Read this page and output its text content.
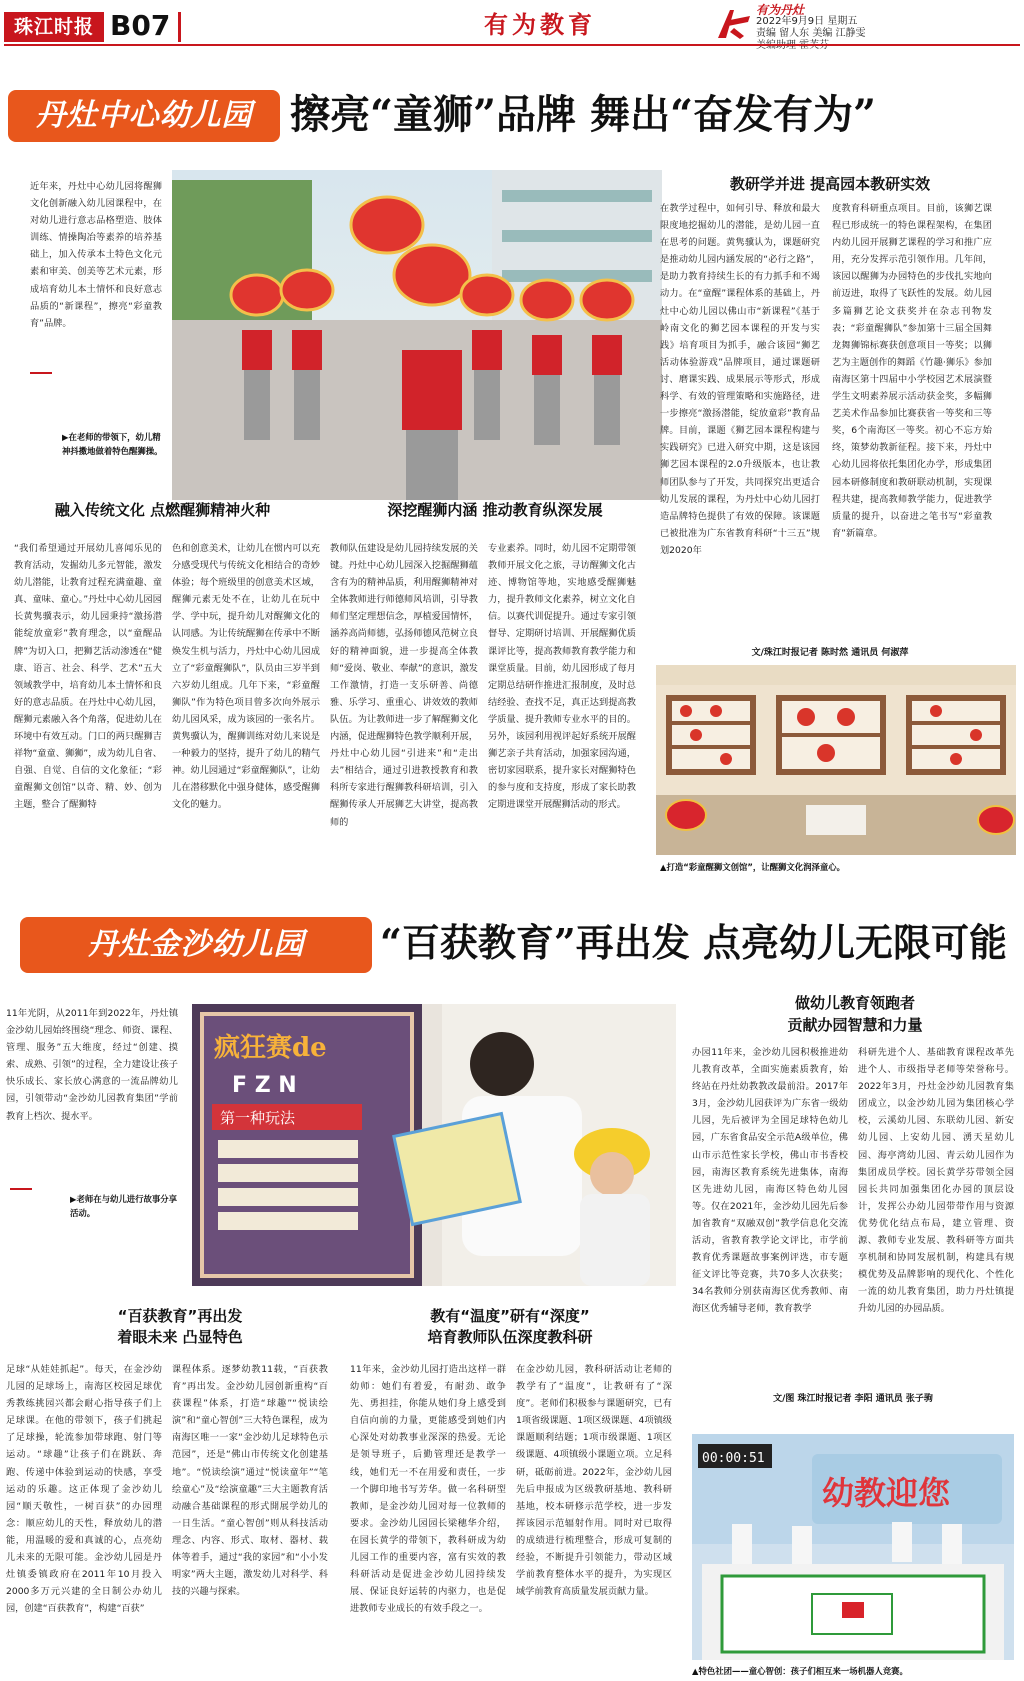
珠江时报 B07	有为教育
有为丹灶
2022年9月9日 星期五
责编 留人东 美编 江静雯
丹灶中心幼儿园 擦亮“童狮”品牌 舞出“奋发有为”
近年来，丹灶中心幼儿园将醒狮文化创新融入幼儿园课程中，在对幼儿进行意志品格塑造、肢体训练、情操陶冶等素养的培养基础上，加入传承本土特色文化元素和审美、创美等艺术元素，形成培育幼儿本土情怀和良好意志品质的“新课程”，擦亮“彩童教育”品牌。
▶在老师的带领下，幼儿精神抖擞地做着特色醒狮操。
融入传统文化 点燃醒狮精神火种
“我们希望通过开展幼儿喜闻乐见的教育活动，发掘幼儿多元智能，激发幼儿潜能，让教育过程充满童趣、童真、童味、童心。”丹灶中心幼儿园园长黄隽骥表示，幼儿园秉持“激扬潜能绽放童彩”教育理念，以“童醒品牌”为切入口，把狮艺活动渗透在“健康、语言、社会、科学、艺术”五大领域教学中，培育幼儿本土情怀和良好的意志品质。在丹灶中心幼儿园，醒狮元素融入各个角落，促进幼儿在环境中有效互动。门口的两只醒狮吉祥物“童童、狮狮”，成为幼儿自省、自强、自觉、自信的文化象征；“彩童醒狮文创馆”以奇、精、妙、创为主题，整合了醒狮特
色和创意美术，让幼儿在惯内可以充分感受现代与传统文化相结合的奇妙体验；每个班级里的创意美术区域，醒狮元素无处不在，让幼儿在玩中学、学中玩，提升幼儿对醒狮文化的认同感。为让传统醒狮在传承中不断焕发生机与活力，丹灶中心幼儿园成立了“彩童醒狮队”，队员由三岁半到六岁幼儿组成。几年下来，“彩童醒狮队”作为特色项目曾多次向外展示幼儿园风采，成为该园的一张名片。黄隽骥认为，醒狮训练对幼儿来说是一种毅力的坚持，提升了幼儿的精气神。幼儿园通过“彩童醒狮队”，让幼儿在潜移默化中强身健体，感受醒狮文化的魅力。
深挖醒狮内涵 推动教育纵深发展
教师队伍建设是幼儿园持续发展的关键。丹灶中心幼儿园深入挖掘醒狮蕴含有为的精神品质，利用醒狮精神对全体教师进行师德师风培训，引导教师们坚定理想信念，厚植爱国情怀，涵养高尚师德，弘扬师德风范树立良好的精神面貌，进一步提高全体教师“爱岗、敬业、奉献”的意识，激发工作激情，打造一支乐研善、尚德雅、乐学习、重重心、讲效效的教师队伍。为让教师进一步了解醒狮文化内涵，促进醒狮特色教学顺利开展，丹灶中心幼儿园“引进来”和“走出去”相结合，通过引进教授教育和教科所专家进行醒狮教科研培训，引入醒狮传承人开展狮艺大讲堂，提高教师的
专业素养。同时，幼儿园不定期带领教师开展文化之旅，寻访醒狮文化古迹、博物馆等地，实地感受醒狮魅力，提升教师文化素养，树立文化自信。以赛代训促提升。通过专家引领督导、定期研讨培训、开展醒狮优质课评比等，提高教师教育教学能力和课堂质量。目前，幼儿园形成了每月定期总结研作推进汇报制度，及时总结经验、查找不足，真正达到提高教学质量、提升教师专业水平的目的。另外，该园利用视评起好系统开展醒狮艺亲子共育活动，加强家园沟通，密切家园联系，提升家长对醒狮特色的参与度和支持度，形成了家长助教定期进课堂开展醒狮活动的形式。
教研学并进 提高园本教研实效
在教学过程中，如何引导、释放和最大限度地挖掘幼儿的潜能，是幼儿园一直在思考的问题。黄隽骥认为，课题研究是推动幼儿园内涵发展的“必行之路”，是助力教育持续生长的有力抓手和不竭动力。在“童醒”课程体系的基础上，丹灶中心幼儿园以佛山市“新课程”《基于岭南文化的狮艺园本课程的开发与实践》培育项目为抓手，融合该园“狮艺活动体验游戏”品牌项目，通过课题研讨、磨课实践、成果展示等形式，形成科学、有效的管理策略和实施路径，进一步擦亮“激扬潜能，绽放童彩”教育品牌。目前，课题《狮艺园本课程构建与实践研究》已进入研究中期，这是该园狮艺园本课程的2.0升级版本，也让教师团队参与了开发，共同探究出更适合幼儿发展的课程，为丹灶中心幼儿园打造品牌特色提供了有效的保障。该课题已被批准为广东省教育科研“十三五”规划2020年
度教育科研重点项目。目前，该狮艺课程已形成统一的特色课程架构，在集团内幼儿园开展狮艺课程的学习和推广应用，充分发挥示范引领作用。几年间，该园以醒狮为办园特色的步伐扎实地向前迈进，取得了飞跃性的发展。幼儿园多篇狮艺论文获奖并在杂志刊物发表；“彩童醒狮队”参加第十三届全国舞龙舞狮锦标赛获创意项目一等奖；以狮艺为主题创作的舞蹈《竹趣·狮乐》参加南海区第十四届中小学校园艺术展演暨学生文明素养展示活动获金奖，多幅狮艺美术作品参加比赛获省一等奖和三等奖，6个南海区一等奖。初心不忘方始终，策梦幼教新征程。接下来，丹灶中心幼儿园将依托集团化办学，形成集团园本研修制度和教研联动机制，实现课程共建，提高教师教学能力，促进教学质量的提升，以奋进之笔书写“彩童教育”新篇章。
文/珠江时报记者 陈时然 通讯员 何淑萍
▲打造“彩童醒狮文创馆”，让醒狮文化润泽童心。
丹灶金沙幼儿园	“百获教育”再出发 点亮幼儿无限可能
11年光阴，从2011年到2022年，丹灶镇金沙幼儿园始终围绕“理念、师资、课程、管理、服务”五大维度，经过“创建、摸索、成熟、引领”的过程，全力建设让孩子快乐成长、家长放心满意的一流品牌幼儿园，引领带动“金沙幼儿园教育集团”学前教育上档次、提水平。
疯狂赛de
F Z N
第一种玩法
▶老师在与幼儿进行故事分享活动。
“百获教育”再出发
着眼未来 凸显特色
足球“从娃娃抓起”。每天，在金沙幼儿园的足球场上，南海区校园足球优秀教练挑园兴都会耐心指导孩子们上足球课。在他的带领下，孩子们挑起了足球操，轮流参加带球跑、射门等运动。“球趣”让孩子们在跳跃、奔跑、传递中体验到运动的快感，享受运动的乐趣。这正体现了金沙幼儿园“顺天敬性，一树百获”的办园理念：顺应幼儿的天性，释放幼儿的潜能，用温暖的爱和真诚的心，点亮幼儿未来的无限可能。金沙幼儿园是丹灶镇委镇政府在2011年10月投入2000多万元兴建的全日制公办幼儿园，创建“百获教育”，构建“百获”
课程体系。逐梦幼教11载，“百获教育”再出发。金沙幼儿园创新重构“百获课程”体系，打造“球趣”“悦读绘演”和“童心智创”三大特色课程，成为南海区唯一一家“金沙幼儿足球特色示范园”，还是“佛山市传统文化创建基地”。“悦读绘演”通过“悦读童年”“笔绘童心”及“绘演童趣”三大主题教育活动融合基础课程的形式開展学幼儿的一日生活。“童心智创”则从科技活动理念、内容、形式、取材、器材、载体等着手，通过“我的家园”和“小小发明家”两大主题，激发幼儿对科学、科技的兴趣与探索。
教有“温度”研有“深度”
培育教师队伍深度教科研
11年来，金沙幼儿园打造出这样一群幼师：她们有着爱，有耐劲、敢争先、勇担挂，你能从她们身上感受到自信向前的力量，更能感受到她们内心深处对幼教事业深深的热爱。无论是领导班子，后勤管理还是教学一线，她们无一不在用爱和责任，一步一个脚印地书写芳华。做一名科研型教师，是金沙幼儿园对每一位教师的要求。金沙幼儿园园长梁穗华介绍，在园长黄学的带领下，教科研成为幼儿园工作的重要内容，富有实效的教科研活动是促进金沙幼儿园持续发展、保证良好运转的内驱力，也是促进教师专业成长的有效手段之一。
在金沙幼儿园，教科研活动让老师的教学有了“温度”，让教研有了“深度”。老师们积极参与课题研究，已有1项省级课题、1项区级课题、4项镇级课题顺利结题；1项市级课题、1项区级课题、4项镇级小课题立项。立足科研，砥砺前进。2022年，金沙幼儿园先后申报成为区级教研基地、教科研基地，校本研修示范学校，进一步发挥该园示范辐射作用。同时对已取得的成绩进行梳理整合，形成可复制的经验，不断提升引领能力，带动区域学前教育整体水平的提升，为实现区域学前教育高质量发展贡献力量。
做幼儿教育领跑者
贡献办园智慧和力量
办园11年来，金沙幼儿园积极推进幼儿教育改革，全面实施素质教育，始终站在丹灶幼教教改最前沿。2017年3月，金沙幼儿园获评为广东省一级幼儿园，先后被评为全国足球特色幼儿园，广东省食品安全示范A级单位，佛山市示范性家长学校，佛山市书香校园，南海区教育系统先进集体，南海区先进幼儿园，南海区特色幼儿园等。仅在2021年，金沙幼儿园先后参加省教育“双融双创”教学信息化交流活动，省教育教学论文评比，市学前教育优秀课题故事案例评选，市专题征文评比等竞赛，共70多人次获奖；34名教师分别获南海区优秀教师、南海区优秀辅导老师，教育教学
科研先进个人、基础教育课程改革先进个人、市级指导老师等荣誉称号。2022年3月，丹灶金沙幼儿园教育集团成立，以金沙幼儿园为集团核心学校，云溪幼儿园、东联幼儿园、新安幼儿园、上安幼儿园、湧天星幼儿园、海亭湾幼儿园、青云幼儿园作为集团成员学校。园长黄学芬带领全园园长共同加强集团化办园的顶层设计，发挥公办幼儿园带带作用与资源优势优化结点布局，建立管理、资源、教师专业发展、教科研等方面共享机制和协同发展机制，构建具有规模优势及品牌影响的现代化、个性化一流的幼儿教育集团，助力丹灶镇提升幼儿园的办园品质。
文/图 珠江时报记者 李阳 通讯员 张子驹
幼教迎您
00:00:51
▲特色社团——童心智创：孩子们相互来一场机器人竞赛。
